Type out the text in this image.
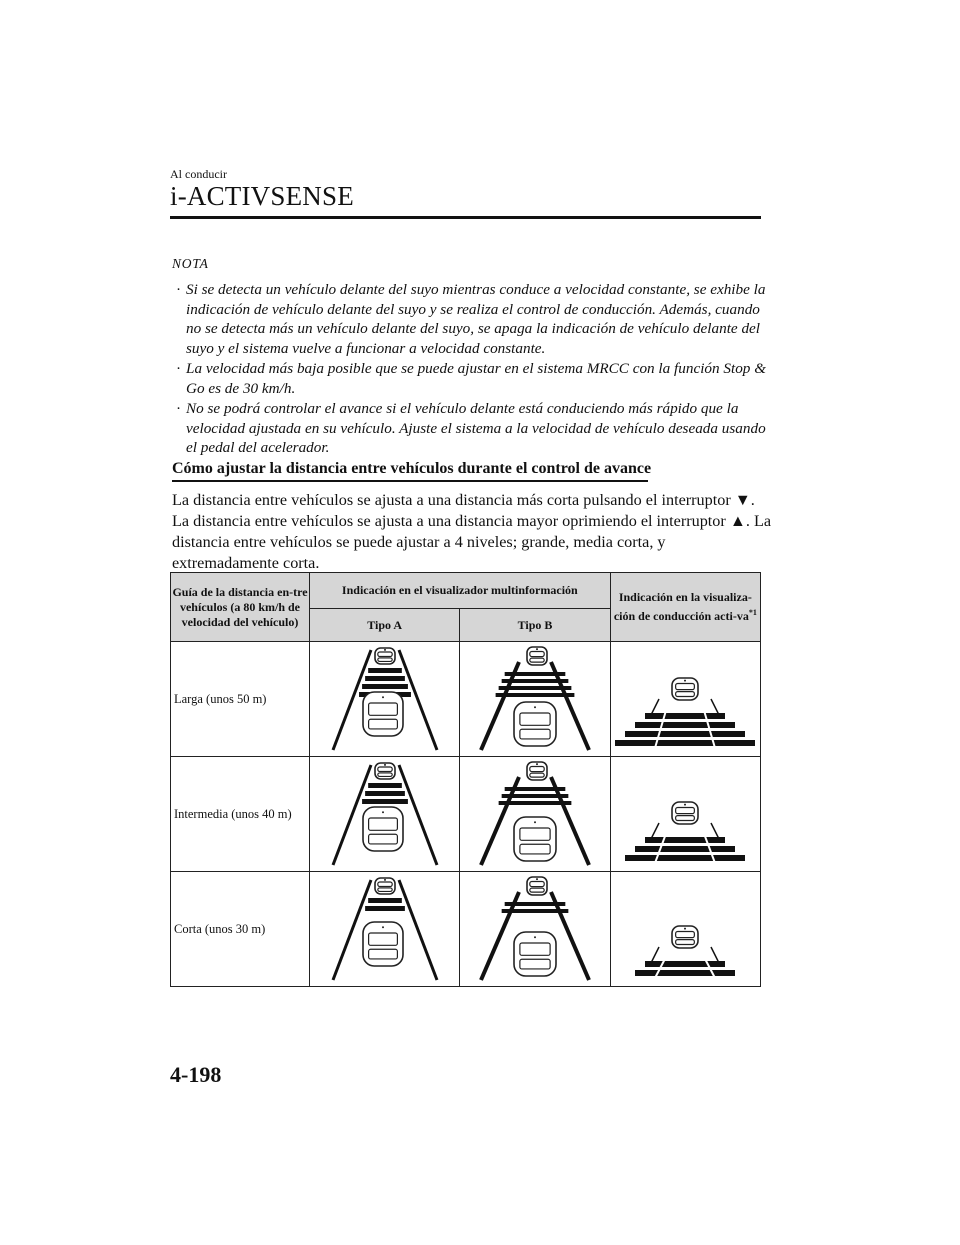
Al conducir
i-ACTIVSENSE
NOTA
· Si se detecta un vehículo delante del suyo mientras conduce a velocidad constante, se exhibe la indicación de vehículo delante del suyo y se realiza el control de conducción. Además, cuando no se detecta más un vehículo delante del suyo, se apaga la indicación de vehículo delante del suyo y el sistema vuelve a funcionar a velocidad constante.
· La velocidad más baja posible que se puede ajustar en el sistema MRCC con la función Stop & Go es de 30 km/h.
· No se podrá controlar el avance si el vehículo delante está conduciendo más rápido que la velocidad ajustada en su vehículo. Ajuste el sistema a la velocidad de vehículo deseada usando el pedal del acelerador.
Cómo ajustar la distancia entre vehículos durante el control de avance

La distancia entre vehículos se ajusta a una distancia más corta pulsando el interruptor ▼. La distancia entre vehículos se ajusta a una distancia mayor oprimiendo el interruptor ▲. La distancia entre vehículos se puede ajustar a 4 niveles; grande, media corta, y extremadamente corta.

Guía de la distancia en-tre vehículos (a 80 km/h de velocidad del vehículo)	Indicación en el visualizador multinformación		Indicación en la visualiza-ción de conducción acti-$va^{*1}$
	Tipo A	Tipo B	
Larga (unos 50 m)	

Intermedia (unos 40 m)	

Corta (unos 30 m)	

4-198
